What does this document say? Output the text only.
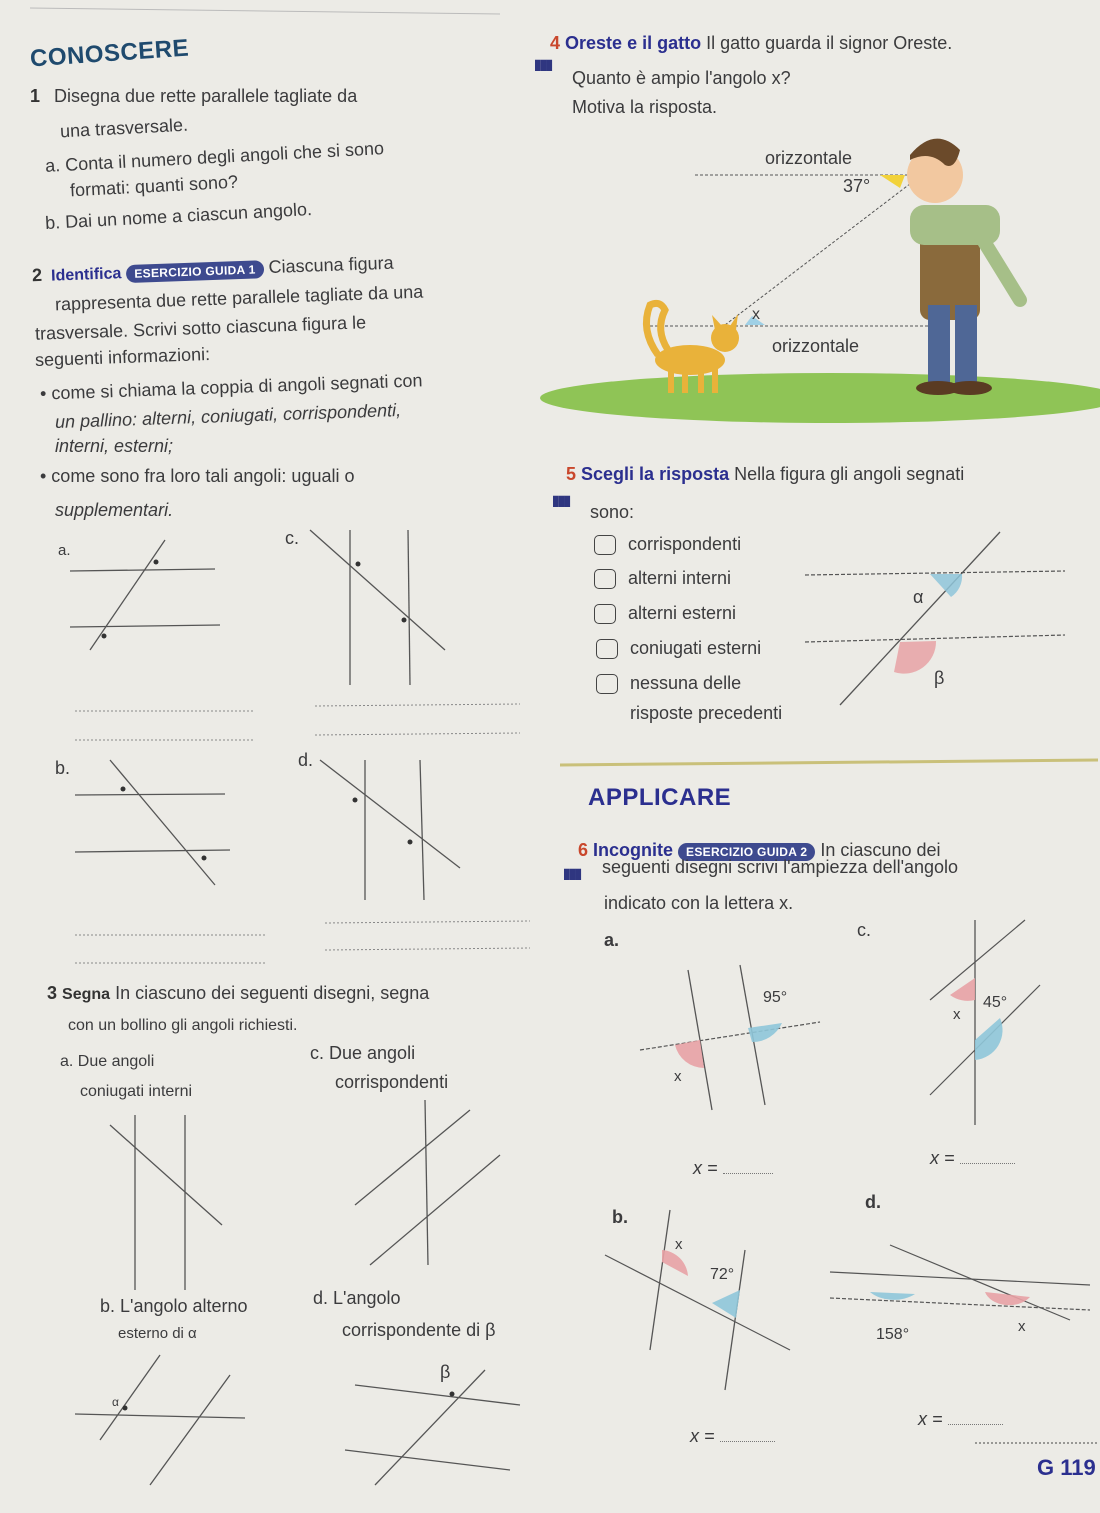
CONOSCERE
1 Disegna due rette parallele tagliate da
una trasversale.
a. Conta il numero degli angoli che si sono
formati: quanti sono?
b. Dai un nome a ciascun angolo.
2 Identifica ESERCIZIO GUIDA 1 Ciascuna figura
rappresenta due rette parallele tagliate da una
trasversale. Scrivi sotto ciascuna figura le
seguenti informazioni:
• come si chiama la coppia di angoli segnati con
un pallino: alterni, coniugati, corrispondenti,
interni, esterni;
• come sono fra loro tali angoli: uguali o
supplementari.
a.
c.
b.	d.
3 Segna In ciascuno dei seguenti disegni, segna
con un bollino gli angoli richiesti.
a. Due angoli
coniugati interni
c. Due angoli
corrispondenti
b. L'angolo alterno
esterno di α
d. L'angolo
corrispondente di β
α
β
4 Oreste e il gatto Il gatto guarda il signor Oreste.
▮▮▮
Quanto è ampio l'angolo x?
Motiva la risposta.
orizzontale
37°
x
orizzontale
5 Scegli la risposta Nella figura gli angoli segnati
▮▮▮
sono:
corrispondenti
alterni interni
alterni esterni
coniugati esterni
nessuna delle
risposte precedenti
α
β
APPLICARE
6 Incognite ESERCIZIO GUIDA 2 In ciascuno dei
▮▮▮ seguenti disegni scrivi l'ampiezza dell'angolo
indicato con la lettera x.
a.	c.
b.
d.
95°
x
45°
x
72°
x
158°	x
x =	x =
x =
x =
G 119
